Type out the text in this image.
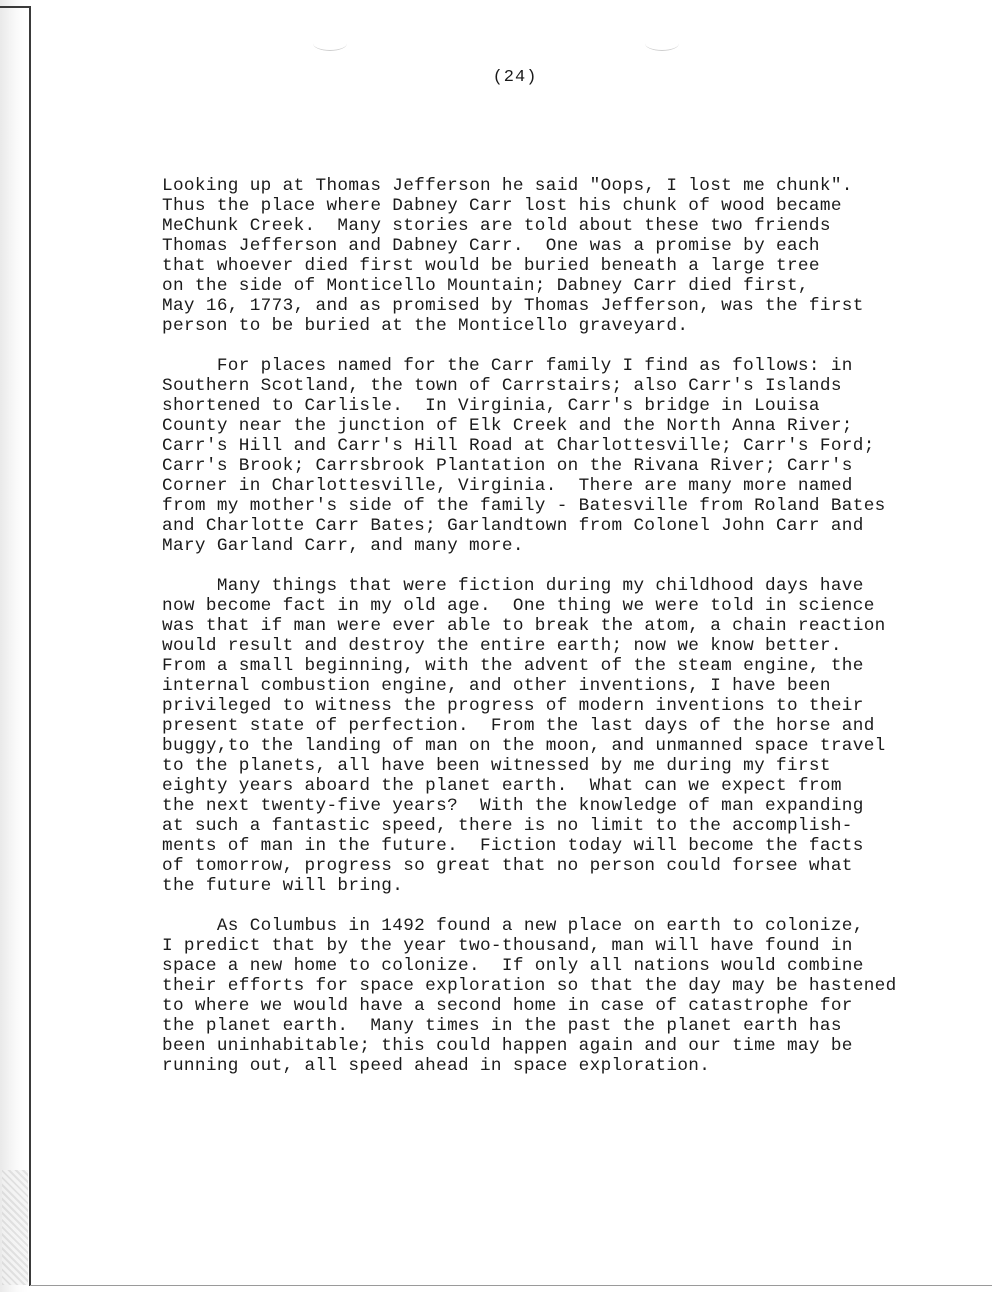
(24)
Looking up at Thomas Jefferson he said "Oops, I lost me chunk".
Thus the place where Dabney Carr lost his chunk of wood became
MeChunk Creek.  Many stories are told about these two friends
Thomas Jefferson and Dabney Carr.  One was a promise by each
that whoever died first would be buried beneath a large tree
on the side of Monticello Mountain; Dabney Carr died first,
May 16, 1773, and as promised by Thomas Jefferson, was the first
person to be buried at the Monticello graveyard.
For places named for the Carr family I find as follows: in
Southern Scotland, the town of Carrstairs; also Carr's Islands
shortened to Carlisle.  In Virginia, Carr's bridge in Louisa
County near the junction of Elk Creek and the North Anna River;
Carr's Hill and Carr's Hill Road at Charlottesville; Carr's Ford;
Carr's Brook; Carrsbrook Plantation on the Rivana River; Carr's
Corner in Charlottesville, Virginia.  There are many more named
from my mother's side of the family - Batesville from Roland Bates
and Charlotte Carr Bates; Garlandtown from Colonel John Carr and
Mary Garland Carr, and many more.
Many things that were fiction during my childhood days have
now become fact in my old age.  One thing we were told in science
was that if man were ever able to break the atom, a chain reaction
would result and destroy the entire earth; now we know better.
From a small beginning, with the advent of the steam engine, the
internal combustion engine, and other inventions, I have been
privileged to witness the progress of modern inventions to their
present state of perfection.  From the last days of the horse and
buggy,to the landing of man on the moon, and unmanned space travel
to the planets, all have been witnessed by me during my first
eighty years aboard the planet earth.  What can we expect from
the next twenty-five years?  With the knowledge of man expanding
at such a fantastic speed, there is no limit to the accomplish-
ments of man in the future.  Fiction today will become the facts
of tomorrow, progress so great that no person could forsee what
the future will bring.
As Columbus in 1492 found a new place on earth to colonize,
I predict that by the year two-thousand, man will have found in
space a new home to colonize.  If only all nations would combine
their efforts for space exploration so that the day may be hastened
to where we would have a second home in case of catastrophe for
the planet earth.  Many times in the past the planet earth has
been uninhabitable; this could happen again and our time may be
running out, all speed ahead in space exploration.
